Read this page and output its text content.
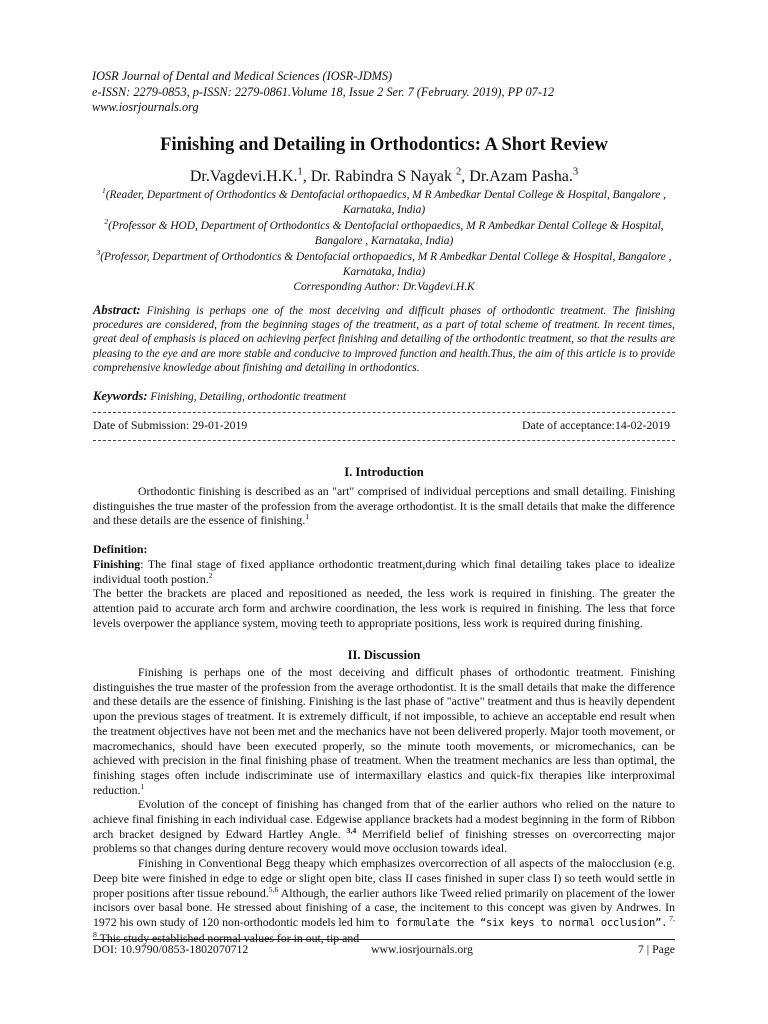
IOSR Journal of Dental and Medical Sciences (IOSR-JDMS)
e-ISSN: 2279-0853, p-ISSN: 2279-0861.Volume 18, Issue 2 Ser. 7 (February. 2019), PP 07-12
www.iosrjournals.org
Finishing and Detailing in Orthodontics: A Short Review
Dr.Vagdevi.H.K.$^1$, Dr. Rabindra S Nayak $^2$, Dr.Azam Pasha.$^3$

$^1$(Reader, Department of Orthodontics & Dentofacial orthopaedics, M R Ambedkar Dental College & Hospital, Bangalore , Karnataka, India)

$^2$(Professor & HOD, Department of Orthodontics & Dentofacial orthopaedics, M R Ambedkar Dental College & Hospital, Bangalore , Karnataka, India)

$^3$(Professor, Department of Orthodontics & Dentofacial orthopaedics, M R Ambedkar Dental College & Hospital, Bangalore , Karnataka, India)

Corresponding Author: Dr.Vagdevi.H.K

Abstract: Finishing is perhaps one of the most deceiving and difficult phases of orthodontic treatment. The finishing procedures are considered, from the beginning stages of the treatment, as a part of total scheme of treatment. In recent times, great deal of emphasis is placed on achieving perfect finishing and detailing of the orthodontic treatment, so that the results are pleasing to the eye and are more stable and conducive to improved function and health.Thus, the aim of this article is to provide comprehensive knowledge about finishing and detailing in orthodontics.
Keywords: Finishing, Detailing, orthodontic treatment
Date of Submission: 29-01-2019	Date of acceptance:14-02-2019
I. Introduction

Orthodontic finishing is described as an "art" comprised of individual perceptions and small detailing. Finishing distinguishes the true master of the profession from the average orthodontist. It is the small details that make the difference and these details are the essence of finishing.$^1$

Definition:

Finishing: The final stage of fixed appliance orthodontic treatment,during which final detailing takes place to idealize individual tooth postion.$^2$

The better the brackets are placed and repositioned as needed, the less work is required in finishing. The greater the attention paid to accurate arch form and archwire coordination, the less work is required in finishing. The less that force levels overpower the appliance system, moving teeth to appropriate positions, less work is required during finishing.

II. Discussion

Finishing is perhaps one of the most deceiving and difficult phases of orthodontic treatment. Finishing distinguishes the true master of the profession from the average orthodontist. It is the small details that make the difference and these details are the essence of finishing. Finishing is the last phase of "active" treatment and thus is heavily dependent upon the previous stages of treatment. It is extremely difficult, if not impossible, to achieve an acceptable end result when the treatment objectives have not been met and the mechanics have not been delivered properly. Major tooth movement, or macromechanics, should have been executed properly, so the minute tooth movements, or micromechanics, can be achieved with precision in the final finishing phase of treatment. When the treatment mechanics are less than optimal, the finishing stages often include indiscriminate use of intermaxillary elastics and quick-fix therapies like interproximal reduction.$^1$

Evolution of the concept of finishing has changed from that of the earlier authors who relied on the nature to achieve final finishing in each individual case. Edgewise appliance brackets had a modest beginning in the form of Ribbon arch bracket designed by Edward Hartley Angle. $^{3,4}$ Merrifield belief of finishing stresses on overcorrecting major problems so that changes during denture recovery would move occlusion towards ideal.

Finishing in Conventional Begg theapy which emphasizes overcorrection of all aspects of the malocclusion (e.g. Deep bite were finished in edge to edge or slight open bite, class II cases finished in super class I) so teeth would settle in proper positions after tissue rebound.$^{5,6}$ Although, the earlier authors like Tweed relied primarily on placement of the lower incisors over basal bone. He stressed about finishing of a case, the incitement to this concept was given by Andrwes. In 1972 his own study of 120 non-orthodontic models led him to formulate the “six keys to normal occlusion”. $^{7, 8}$ This study established normal values for in out, tip and

DOI: 10.9790/0853-1802070712	www.iosrjournals.org	7 | Page
